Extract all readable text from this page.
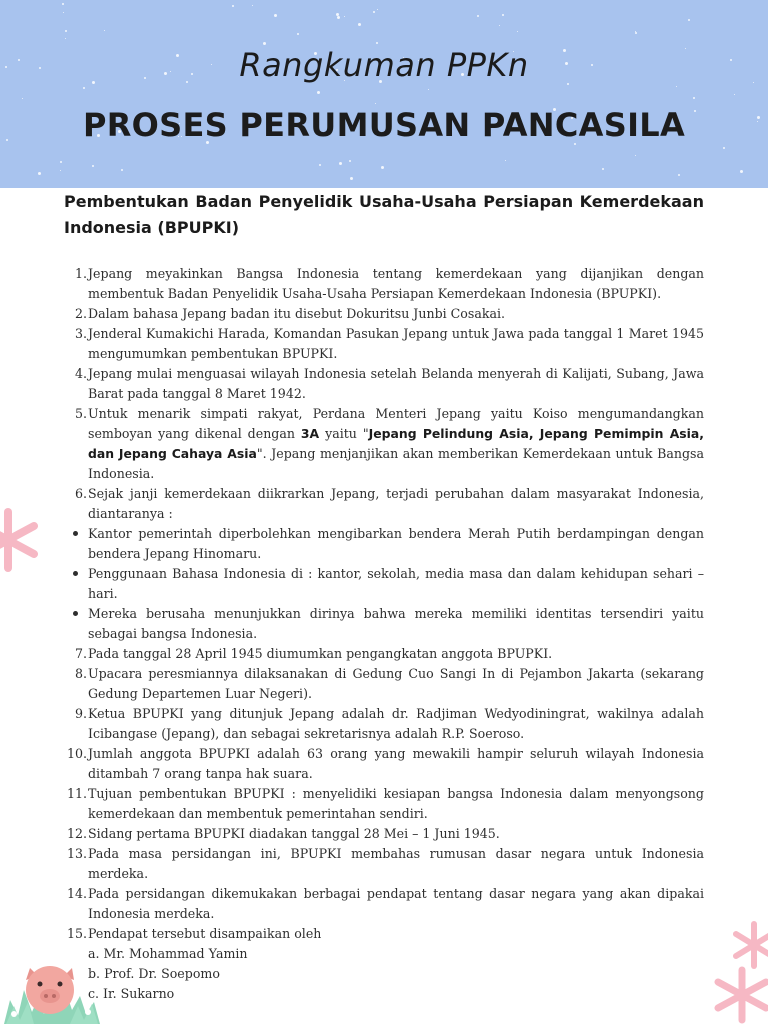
Rangkuman PPKn
PROSES PERUMUSAN PANCASILA
Pembentukan Badan Penyelidik Usaha-Usaha Persiapan Kemerdekaan Indonesia (BPUPKI)
1. Jepang meyakinkan Bangsa Indonesia tentang kemerdekaan yang dijanjikan dengan membentuk Badan Penyelidik Usaha-Usaha Persiapan Kemerdekaan Indonesia (BPUPKI).
2. Dalam bahasa Jepang badan itu disebut Dokuritsu Junbi Cosakai.
3. Jenderal Kumakichi Harada, Komandan Pasukan Jepang untuk Jawa pada tanggal 1 Maret 1945 mengumumkan pembentukan BPUPKI.
4. Jepang mulai menguasai wilayah Indonesia setelah Belanda menyerah di Kalijati, Subang, Jawa Barat pada tanggal 8 Maret 1942.
5. Untuk menarik simpati rakyat, Perdana Menteri Jepang yaitu Koiso mengumandangkan semboyan yang dikenal dengan 3A yaitu "Jepang Pelindung Asia, Jepang Pemimpin Asia, dan Jepang Cahaya Asia". Jepang menjanjikan akan memberikan Kemerdekaan untuk Bangsa Indonesia.
6. Sejak janji kemerdekaan diikrarkan Jepang, terjadi perubahan dalam masyarakat Indonesia, diantaranya :
Kantor pemerintah diperbolehkan mengibarkan bendera Merah Putih berdampingan dengan bendera Jepang Hinomaru.
Penggunaan Bahasa Indonesia di : kantor, sekolah, media masa dan dalam kehidupan sehari – hari.
Mereka berusaha menunjukkan dirinya bahwa mereka memiliki identitas tersendiri yaitu sebagai bangsa Indonesia.
7. Pada tanggal 28 April 1945 diumumkan pengangkatan anggota BPUPKI.
8. Upacara peresmiannya dilaksanakan di Gedung Cuo Sangi In di Pejambon Jakarta (sekarang Gedung Departemen Luar Negeri).
9. Ketua BPUPKI yang ditunjuk Jepang adalah dr. Radjiman Wedyodiningrat, wakilnya adalah Icibangase (Jepang), dan sebagai sekretarisnya adalah R.P. Soeroso.
10. Jumlah anggota BPUPKI adalah 63 orang yang mewakili hampir seluruh wilayah Indonesia ditambah 7 orang tanpa hak suara.
11. Tujuan pembentukan BPUPKI : menyelidiki kesiapan bangsa Indonesia dalam menyongsong kemerdekaan dan membentuk pemerintahan sendiri.
12. Sidang pertama BPUPKI diadakan tanggal 28 Mei – 1 Juni 1945.
13. Pada masa persidangan ini, BPUPKI membahas rumusan dasar negara untuk Indonesia merdeka.
14. Pada persidangan dikemukakan berbagai pendapat tentang dasar negara yang akan dipakai Indonesia merdeka.
15. Pendapat tersebut disampaikan oleh
a. Mr. Mohammad Yamin
b. Prof. Dr. Soepomo
c. Ir. Sukarno
